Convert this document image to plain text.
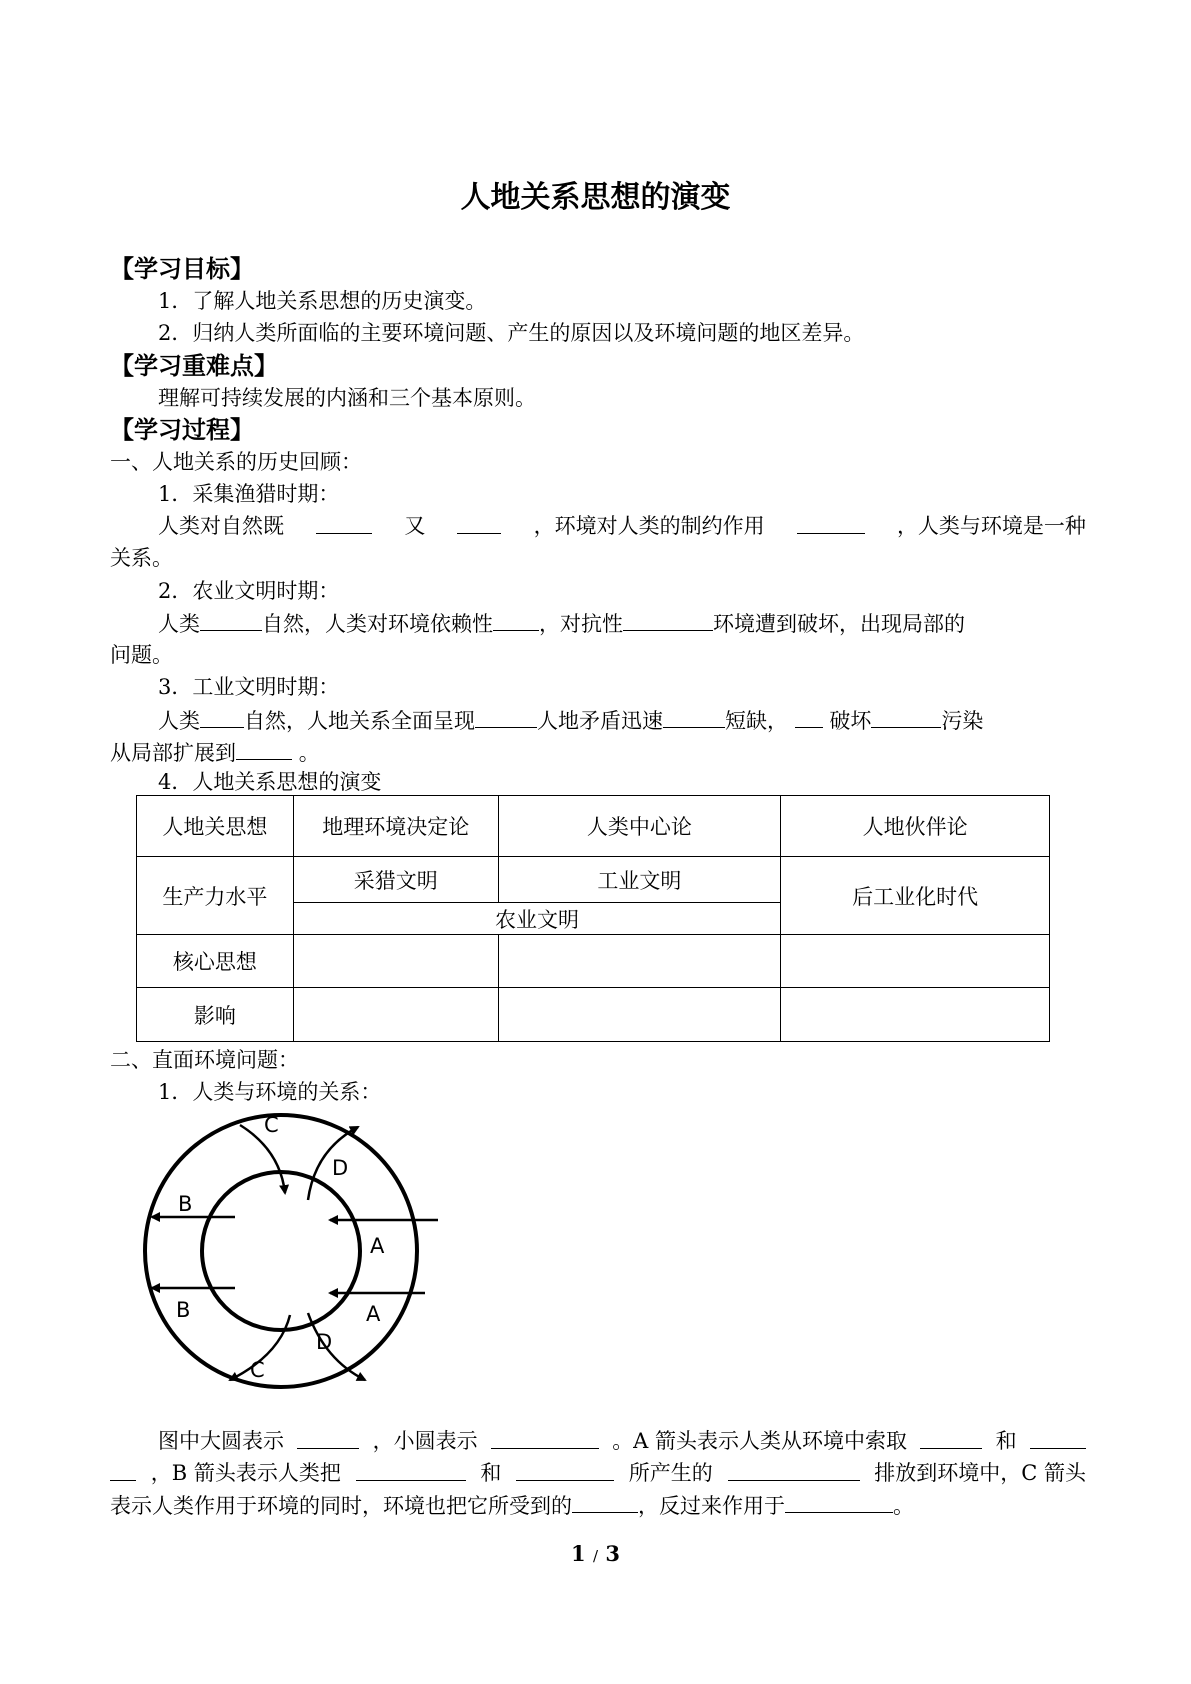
人地关系思想的演变
【学习目标】
1．了解人地关系思想的历史演变。
2．归纳人类所面临的主要环境问题、产生的原因以及环境问题的地区差异。
【学习重难点】
理解可持续发展的内涵和三个基本原则。
【学习过程】
一、人地关系的历史回顾：
1．采集渔猎时期：
人类对自然既	又	，环境对人类的制约作用	，人类与环境是一种
关系。
2．农业文明时期：
人类	自然，人类对环境依赖性 ，对抗性	环境遭到破坏，出现局部的
问题。
3．工业文明时期：
人类 自然，人地关系全面呈现	人地矛盾迅速	短缺， 破坏	污染
从局部扩展到	。
4．人地关系思想的演变
人地关思想	地理环境决定论	人类中心论	人地伙伴论
生产力水平	采猎文明	工业文明	后工业化时代
	农业文明		
核心思想			
影响			
二、直面环境问题：
1．人类与环境的关系：
C
D
B
A
B	A
D
C
图中大圆表示	，小圆表示	。A 箭头表示人类从环境中索取	和
，B 箭头表示人类把	和	所产生的	排放到环境中，C 箭头
表示人类作用于环境的同时，环境也把它所受到的	，反过来作用于	。
1 / 3
